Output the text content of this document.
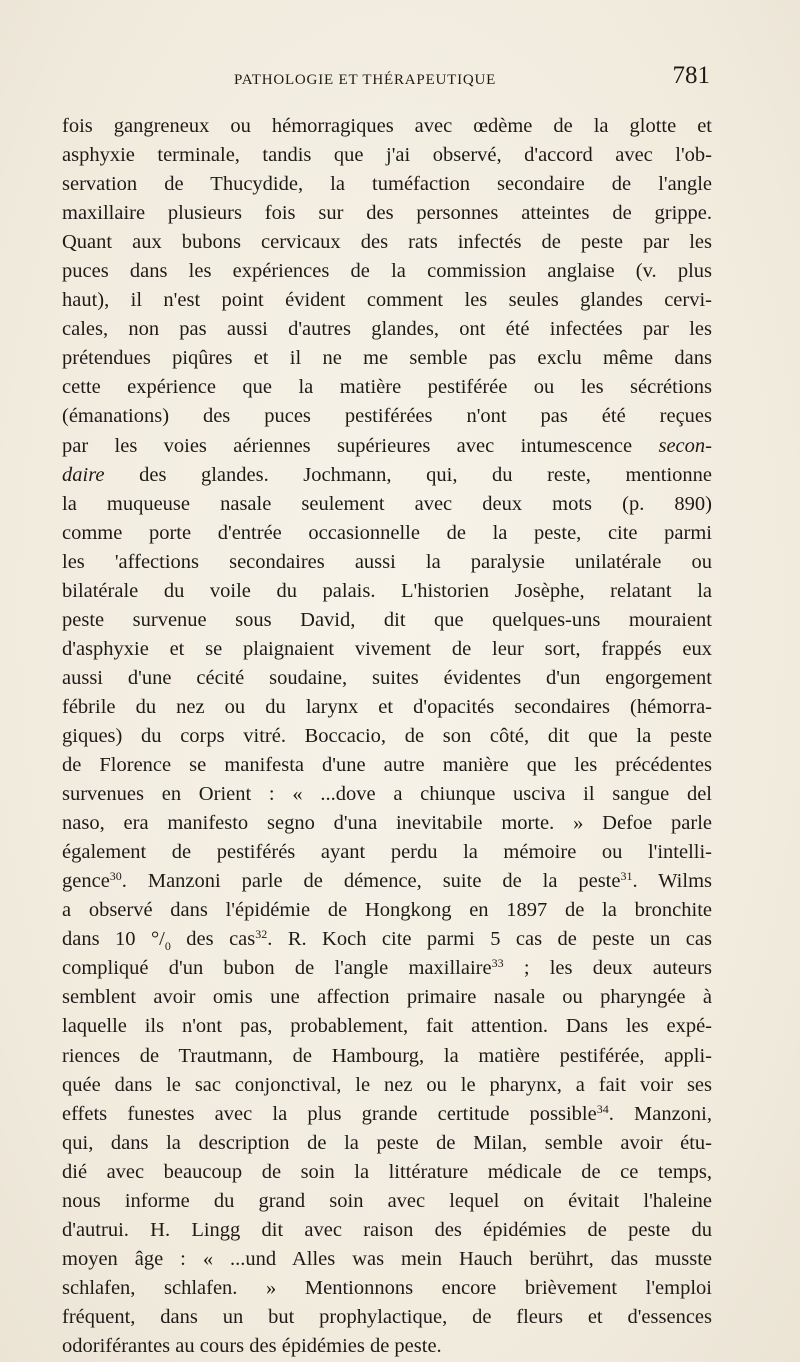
PATHOLOGIE ET THÉRAPEUTIQUE	781
fois gangreneux ou hémorragiques avec œdème de la glotte et
asphyxie terminale, tandis que j'ai observé, d'accord avec l'ob-
servation de Thucydide, la tuméfaction secondaire de l'angle
maxillaire plusieurs fois sur des personnes atteintes de grippe.
Quant aux bubons cervicaux des rats infectés de peste par les
puces dans les expériences de la commission anglaise (v. plus
haut), il n'est point évident comment les seules glandes cervi-
cales, non pas aussi d'autres glandes, ont été infectées par les
prétendues piqûres et il ne me semble pas exclu même dans
cette expérience que la matière pestiférée ou les sécrétions
(émanations) des puces pestiférées n'ont pas été reçues
par les voies aériennes supérieures avec intumescence secon-
daire des glandes. Jochmann, qui, du reste, mentionne
la muqueuse nasale seulement avec deux mots (p. 890)
comme porte d'entrée occasionnelle de la peste, cite parmi
les 'affections secondaires aussi la paralysie unilatérale ou
bilatérale du voile du palais. L'historien Josèphe, relatant la
peste survenue sous David, dit que quelques-uns mouraient
d'asphyxie et se plaignaient vivement de leur sort, frappés eux
aussi d'une cécité soudaine, suites évidentes d'un engorgement
fébrile du nez ou du larynx et d'opacités secondaires (hémorra-
giques) du corps vitré. Boccacio, de son côté, dit que la peste
de Florence se manifesta d'une autre manière que les précédentes
survenues en Orient : « ...dove a chiunque usciva il sangue del
naso, era manifesto segno d'una inevitabile morte. » Defoe parle
également de pestiférés ayant perdu la mémoire ou l'intelli-
gence$^{30}$. Manzoni parle de démence, suite de la peste$^{31}$. Wilms
a observé dans l'épidémie de Hongkong en 1897 de la bronchite
dans 10 $^\circ/_0$ des cas$^{32}$. R. Koch cite parmi 5 cas de peste un cas
compliqué d'un bubon de l'angle maxillaire$^{33}$ ; les deux auteurs
semblent avoir omis une affection primaire nasale ou pharyngée à
laquelle ils n'ont pas, probablement, fait attention. Dans les expé-
riences de Trautmann, de Hambourg, la matière pestiférée, appli-
quée dans le sac conjonctival, le nez ou le pharynx, a fait voir ses
effets funestes avec la plus grande certitude possible$^{34}$. Manzoni,
qui, dans la description de la peste de Milan, semble avoir étu-
dié avec beaucoup de soin la littérature médicale de ce temps,
nous informe du grand soin avec lequel on évitait l'haleine
d'autrui. H. Lingg dit avec raison des épidémies de peste du
moyen âge : « ...und Alles was mein Hauch berührt, das musste
schlafen, schlafen. » Mentionnons encore brièvement l'emploi
fréquent, dans un but prophylactique, de fleurs et d'essences
odoriférantes au cours des épidémies de peste.
